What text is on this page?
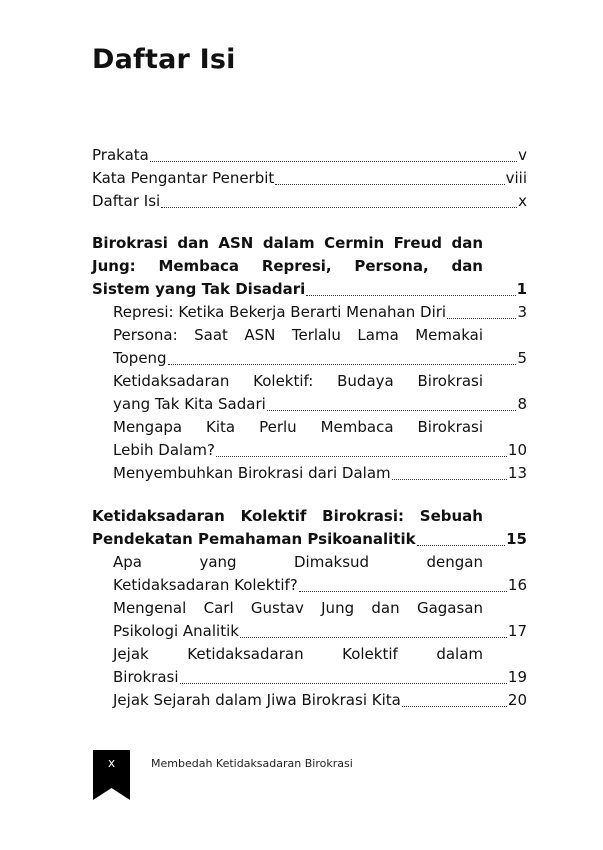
Daftar Isi
Prakata	v
Kata Pengantar Penerbit	viii
Daftar Isi	x
Birokrasi dan ASN dalam Cermin Freud dan
Jung: Membaca Represi, Persona, dan
Sistem yang Tak Disadari	1
Represi: Ketika Bekerja Berarti Menahan Diri	3
Persona: Saat ASN Terlalu Lama Memakai
Topeng	5
Ketidaksadaran Kolektif: Budaya Birokrasi
yang Tak Kita Sadari	8
Mengapa Kita Perlu Membaca Birokrasi
Lebih Dalam?	10
Menyembuhkan Birokrasi dari Dalam	13
Ketidaksadaran Kolektif Birokrasi: Sebuah
Pendekatan Pemahaman Psikoanalitik	15
Apa yang Dimaksud dengan
Ketidaksadaran Kolektif?	16
Mengenal Carl Gustav Jung dan Gagasan
Psikologi Analitik	17
Jejak Ketidaksadaran Kolektif dalam
Birokrasi	19
Jejak Sejarah dalam Jiwa Birokrasi Kita	20
x	Membedah Ketidaksadaran Birokrasi
